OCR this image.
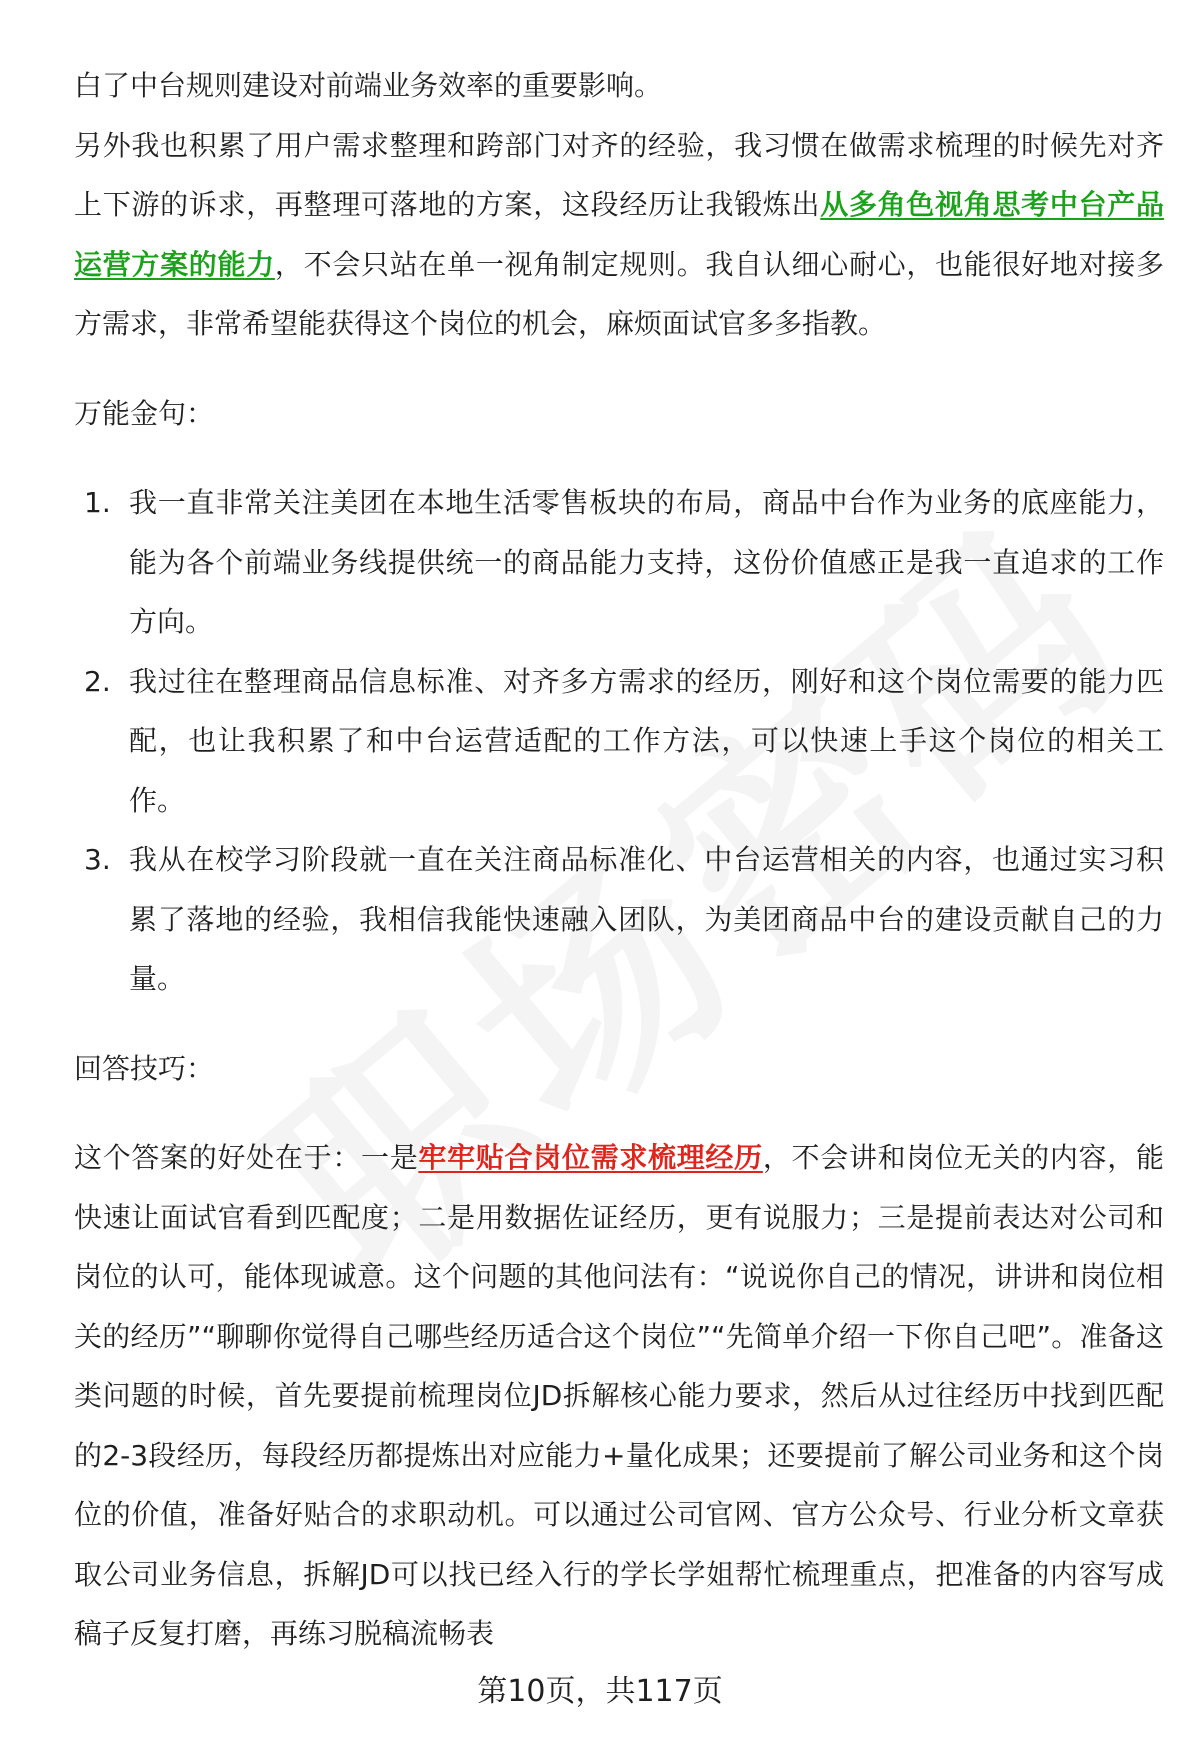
白了中台规则建设对前端业务效率的重要影响。

另外我也积累了用户需求整理和跨部门对齐的经验，我习惯在做需求梳理的时候先对齐上下游的诉求，再整理可落地的方案，这段经历让我锻炼出从多角色视角思考中台产品运营方案的能力，不会只站在单一视角制定规则。我自认细心耐心，也能很好地对接多方需求，非常希望能获得这个岗位的机会，麻烦面试官多多指教。

万能金句：
1. 我一直非常关注美团在本地生活零售板块的布局，商品中台作为业务的底座能力，能为各个前端业务线提供统一的商品能力支持，这份价值感正是我一直追求的工作方向。
2. 我过往在整理商品信息标准、对齐多方需求的经历，刚好和这个岗位需要的能力匹配，也让我积累了和中台运营适配的工作方法，可以快速上手这个岗位的相关工作。
3. 我从在校学习阶段就一直在关注商品标准化、中台运营相关的内容，也通过实习积累了落地的经验，我相信我能快速融入团队，为美团商品中台的建设贡献自己的力量。
回答技巧：

这个答案的好处在于：一是牢牢贴合岗位需求梳理经历，不会讲和岗位无关的内容，能快速让面试官看到匹配度；二是用数据佐证经历，更有说服力；三是提前表达对公司和岗位的认可，能体现诚意。这个问题的其他问法有：“说说你自己的情况，讲讲和岗位相关的经历”“聊聊你觉得自己哪些经历适合这个岗位”“先简单介绍一下你自己吧”。准备这类问题的时候，首先要提前梳理岗位JD拆解核心能力要求，然后从过往经历中找到匹配的2-3段经历，每段经历都提炼出对应能力+量化成果；还要提前了解公司业务和这个岗位的价值，准备好贴合的求职动机。可以通过公司官网、官方公众号、行业分析文章获取公司业务信息，拆解JD可以找已经入行的学长学姐帮忙梳理重点，把准备的内容写成稿子反复打磨，再练习脱稿流畅表

第10页，共117页
